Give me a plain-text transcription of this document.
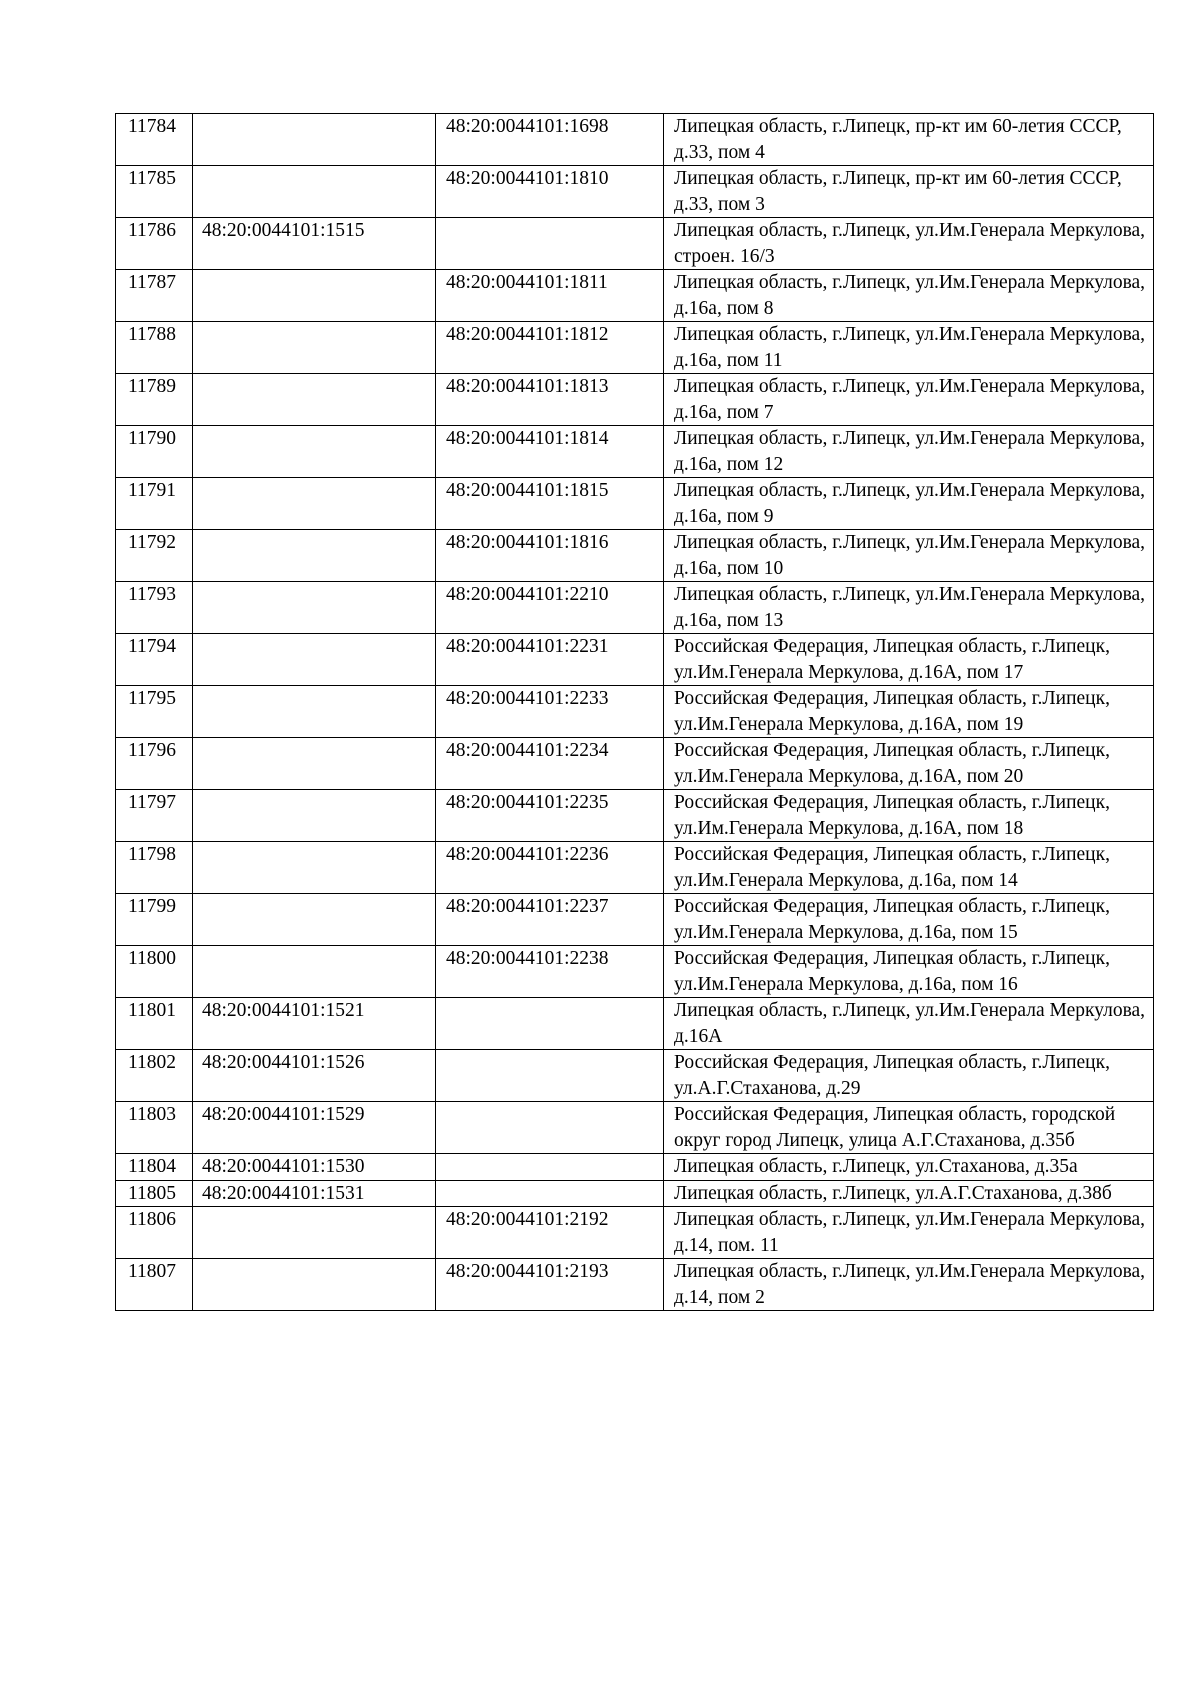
11784		48:20:0044101:1698	Липецкая область, г.Липецк, пр-кт им 60-летия СССР, д.33, пом 4
11785		48:20:0044101:1810	Липецкая область, г.Липецк, пр-кт им 60-летия СССР, д.33, пом 3
11786	48:20:0044101:1515		Липецкая область, г.Липецк, ул.Им.Генерала Меркулова, строен. 16/3
11787		48:20:0044101:1811	Липецкая область, г.Липецк, ул.Им.Генерала Меркулова, д.16а, пом 8
11788		48:20:0044101:1812	Липецкая область, г.Липецк, ул.Им.Генерала Меркулова, д.16а, пом 11
11789		48:20:0044101:1813	Липецкая область, г.Липецк, ул.Им.Генерала Меркулова, д.16а, пом 7
11790		48:20:0044101:1814	Липецкая область, г.Липецк, ул.Им.Генерала Меркулова, д.16а, пом 12
11791		48:20:0044101:1815	Липецкая область, г.Липецк, ул.Им.Генерала Меркулова, д.16а, пом 9
11792		48:20:0044101:1816	Липецкая область, г.Липецк, ул.Им.Генерала Меркулова, д.16а, пом 10
11793		48:20:0044101:2210	Липецкая область, г.Липецк, ул.Им.Генерала Меркулова, д.16а, пом 13
11794		48:20:0044101:2231	Российская Федерация, Липецкая область, г.Липецк, ул.Им.Генерала Меркулова, д.16А, пом 17
11795		48:20:0044101:2233	Российская Федерация, Липецкая область, г.Липецк, ул.Им.Генерала Меркулова, д.16А, пом 19
11796		48:20:0044101:2234	Российская Федерация, Липецкая область, г.Липецк, ул.Им.Генерала Меркулова, д.16А, пом 20
11797		48:20:0044101:2235	Российская Федерация, Липецкая область, г.Липецк, ул.Им.Генерала Меркулова, д.16А, пом 18
11798		48:20:0044101:2236	Российская Федерация, Липецкая область, г.Липецк, ул.Им.Генерала Меркулова, д.16а, пом 14
11799		48:20:0044101:2237	Российская Федерация, Липецкая область, г.Липецк, ул.Им.Генерала Меркулова, д.16а, пом 15
11800		48:20:0044101:2238	Российская Федерация, Липецкая область, г.Липецк, ул.Им.Генерала Меркулова, д.16а, пом 16
11801	48:20:0044101:1521		Липецкая область, г.Липецк, ул.Им.Генерала Меркулова, д.16А
11802	48:20:0044101:1526		Российская Федерация, Липецкая область, г.Липецк, ул.А.Г.Стаханова, д.29
11803	48:20:0044101:1529		Российская Федерация, Липецкая область, городской округ город Липецк, улица А.Г.Стаханова, д.35б
11804	48:20:0044101:1530		Липецкая область, г.Липецк, ул.Стаханова, д.35а
11805	48:20:0044101:1531		Липецкая область, г.Липецк, ул.А.Г.Стаханова, д.38б
11806		48:20:0044101:2192	Липецкая область, г.Липецк, ул.Им.Генерала Меркулова, д.14, пом. 11
11807		48:20:0044101:2193	Липецкая область, г.Липецк, ул.Им.Генерала Меркулова, д.14, пом 2
